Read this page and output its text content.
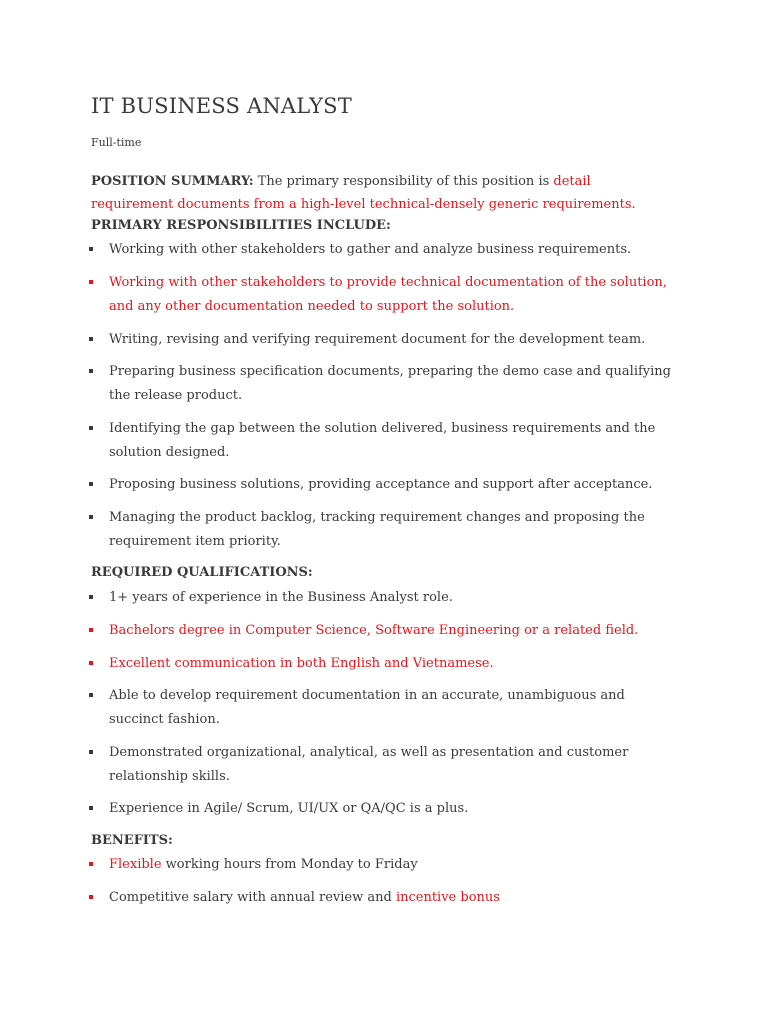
IT BUSINESS ANALYST
Full-time
POSITION SUMMARY: The primary responsibility of this position is detail requirement documents from a high-level technical-densely generic requirements.
PRIMARY RESPONSIBILITIES INCLUDE:
Working with other stakeholders to gather and analyze business requirements.
Working with other stakeholders to provide technical documentation of the solution, and any other documentation needed to support the solution.
Writing, revising and verifying requirement document for the development team.
Preparing business specification documents, preparing the demo case and qualifying the release product.
Identifying the gap between the solution delivered, business requirements and the solution designed.
Proposing business solutions, providing acceptance and support after acceptance.
Managing the product backlog, tracking requirement changes and proposing the requirement item priority.
REQUIRED QUALIFICATIONS:
1+ years of experience in the Business Analyst role.
Bachelors degree in Computer Science, Software Engineering or a related field.
Excellent communication in both English and Vietnamese.
Able to develop requirement documentation in an accurate, unambiguous and succinct fashion.
Demonstrated organizational, analytical, as well as presentation and customer relationship skills.
Experience in Agile/ Scrum, UI/UX or QA/QC is a plus.
BENEFITS:
Flexible working hours from Monday to Friday
Competitive salary with annual review and incentive bonus
